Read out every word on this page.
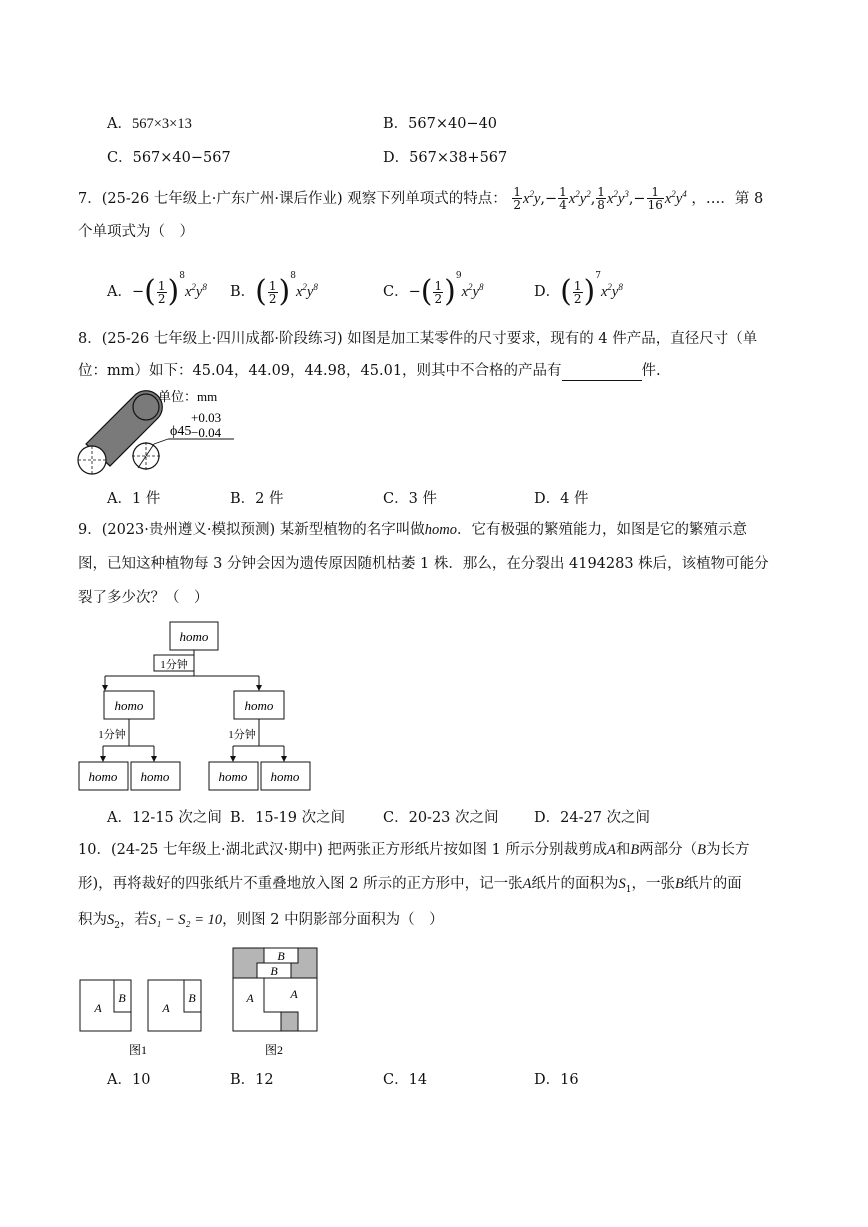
A．567×3×13	B．567×40−40
C．567×40−567	D．567×38+567
7．(25-26 七年级上·广东广州·课后作业) 观察下列单项式的特点： $\frac{1}{2} x^2y,- \frac{1}{4} x^2y^2$, $\frac{1}{8} x^2y^3,- \frac{1}{16} x^2y^4$ ，…．第 8
个单项式为（　）
A．−( $\frac{1}{2} )^8x^2y^8$ B．( $\frac{1}{2} )^8x^2y^8$	C．−( $\frac{1}{2} )^9x^2y^8$	D．( $\frac{1}{2} )^7x^2y^8$
8．(25-26 七年级上·四川成都·阶段练习) 如图是加工某零件的尺寸要求，现有的 4 件产品，直径尺寸（单
位：mm）如下：45.04，44.09，44.98，45.01，则其中不合格的产品有	件.
单位：mm
ϕ45
+0.03
−0.04
A．1 件	B．2 件	C．3 件	D．4 件
9．(2023·贵州遵义·模拟预测) 某新型植物的名字叫做homo．它有极强的繁殖能力，如图是它的繁殖示意
图，已知这种植物每 3 分钟会因为遗传原因随机枯萎 1 株．那么，在分裂出 4194283 株后，该植物可能分
裂了多少次？（　）
homo
1分钟
homo	homo
1分钟	1分钟
homo homo	homo homo
A．12-15 次之间 B．15-19 次之间	C．20-23 次之间 D．24-27 次之间
10．(24-25 七年级上·湖北武汉·期中) 把两张正方形纸片按如图 1 所示分别裁剪成A和B两部分（B为长方
形)，再将裁好的四张纸片不重叠地放入图 2 所示的正方形中，记一张A纸片的面积为$S_1$，一张B纸片的面
积为$S_2$，若S₁ − S₂ = 10，则图 2 中阴影部分面积为（　）
A
B
A
B
图1
B
B
A	A
图2
A．10	B．12	C．14	D．16
